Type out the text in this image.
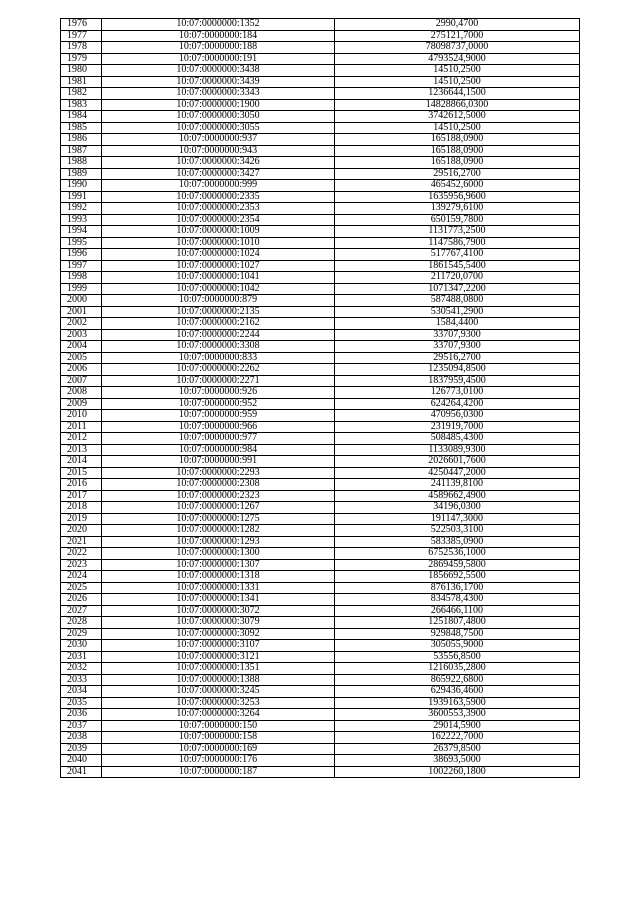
1976	10:07:0000000:1352	2990,4700
1977	10:07:0000000:184	275121,7000
1978	10:07:0000000:188	78098737,0000
1979	10:07:0000000:191	4793524,9000
1980	10:07:0000000:3438	14510,2500
1981	10:07:0000000:3439	14510,2500
1982	10:07:0000000:3343	1236644,1500
1983	10:07:0000000:1900	14828866,0300
1984	10:07:0000000:3050	3742612,5000
1985	10:07:0000000:3055	14510,2500
1986	10:07:0000000:937	165188,0900
1987	10:07:0000000:943	165188,0900
1988	10:07:0000000:3426	165188,0900
1989	10:07:0000000:3427	29516,2700
1990	10:07:0000000:999	465452,6000
1991	10:07:0000000:2335	1635956,9600
1992	10:07:0000000:2353	139279,6100
1993	10:07:0000000:2354	650159,7800
1994	10:07:0000000:1009	1131773,2500
1995	10:07:0000000:1010	1147586,7900
1996	10:07:0000000:1024	517767,4100
1997	10:07:0000000:1027	1861545,5400
1998	10:07:0000000:1041	211720,0700
1999	10:07:0000000:1042	1071347,2200
2000	10:07:0000000:879	587488,0800
2001	10:07:0000000:2135	530541,2900
2002	10:07:0000000:2162	1584,4400
2003	10:07:0000000:2244	33707,9300
2004	10:07:0000000:3308	33707,9300
2005	10:07:0000000:833	29516,2700
2006	10:07:0000000:2262	1235094,8500
2007	10:07:0000000:2271	1837959,4500
2008	10:07:0000000:926	126773,0100
2009	10:07:0000000:952	624264,4200
2010	10:07:0000000:959	470956,0300
2011	10:07:0000000:966	231919,7000
2012	10:07:0000000:977	508485,4300
2013	10:07:0000000:984	1133089,9300
2014	10:07:0000000:991	2026601,7600
2015	10:07:0000000:2293	4250447,2000
2016	10:07:0000000:2308	241139,8100
2017	10:07:0000000:2323	4589662,4900
2018	10:07:0000000:1267	34196,0300
2019	10:07:0000000:1275	191147,3000
2020	10:07:0000000:1282	522503,3100
2021	10:07:0000000:1293	583385,0900
2022	10:07:0000000:1300	6752536,1000
2023	10:07:0000000:1307	2869459,5800
2024	10:07:0000000:1318	1856692,5500
2025	10:07:0000000:1331	876136,1700
2026	10:07:0000000:1341	834578,4300
2027	10:07:0000000:3072	266466,1100
2028	10:07:0000000:3079	1251807,4800
2029	10:07:0000000:3092	929848,7500
2030	10:07:0000000:3107	305055,9000
2031	10:07:0000000:3121	53556,8500
2032	10:07:0000000:1351	1216035,2800
2033	10:07:0000000:1388	865922,6800
2034	10:07:0000000:3245	629436,4600
2035	10:07:0000000:3253	1939163,5900
2036	10:07:0000000:3264	3600553,3900
2037	10:07:0000000:150	29014,5900
2038	10:07:0000000:158	162222,7000
2039	10:07:0000000:169	26379,8500
2040	10:07:0000000:176	38693,5000
2041	10:07:0000000:187	1002260,1800
